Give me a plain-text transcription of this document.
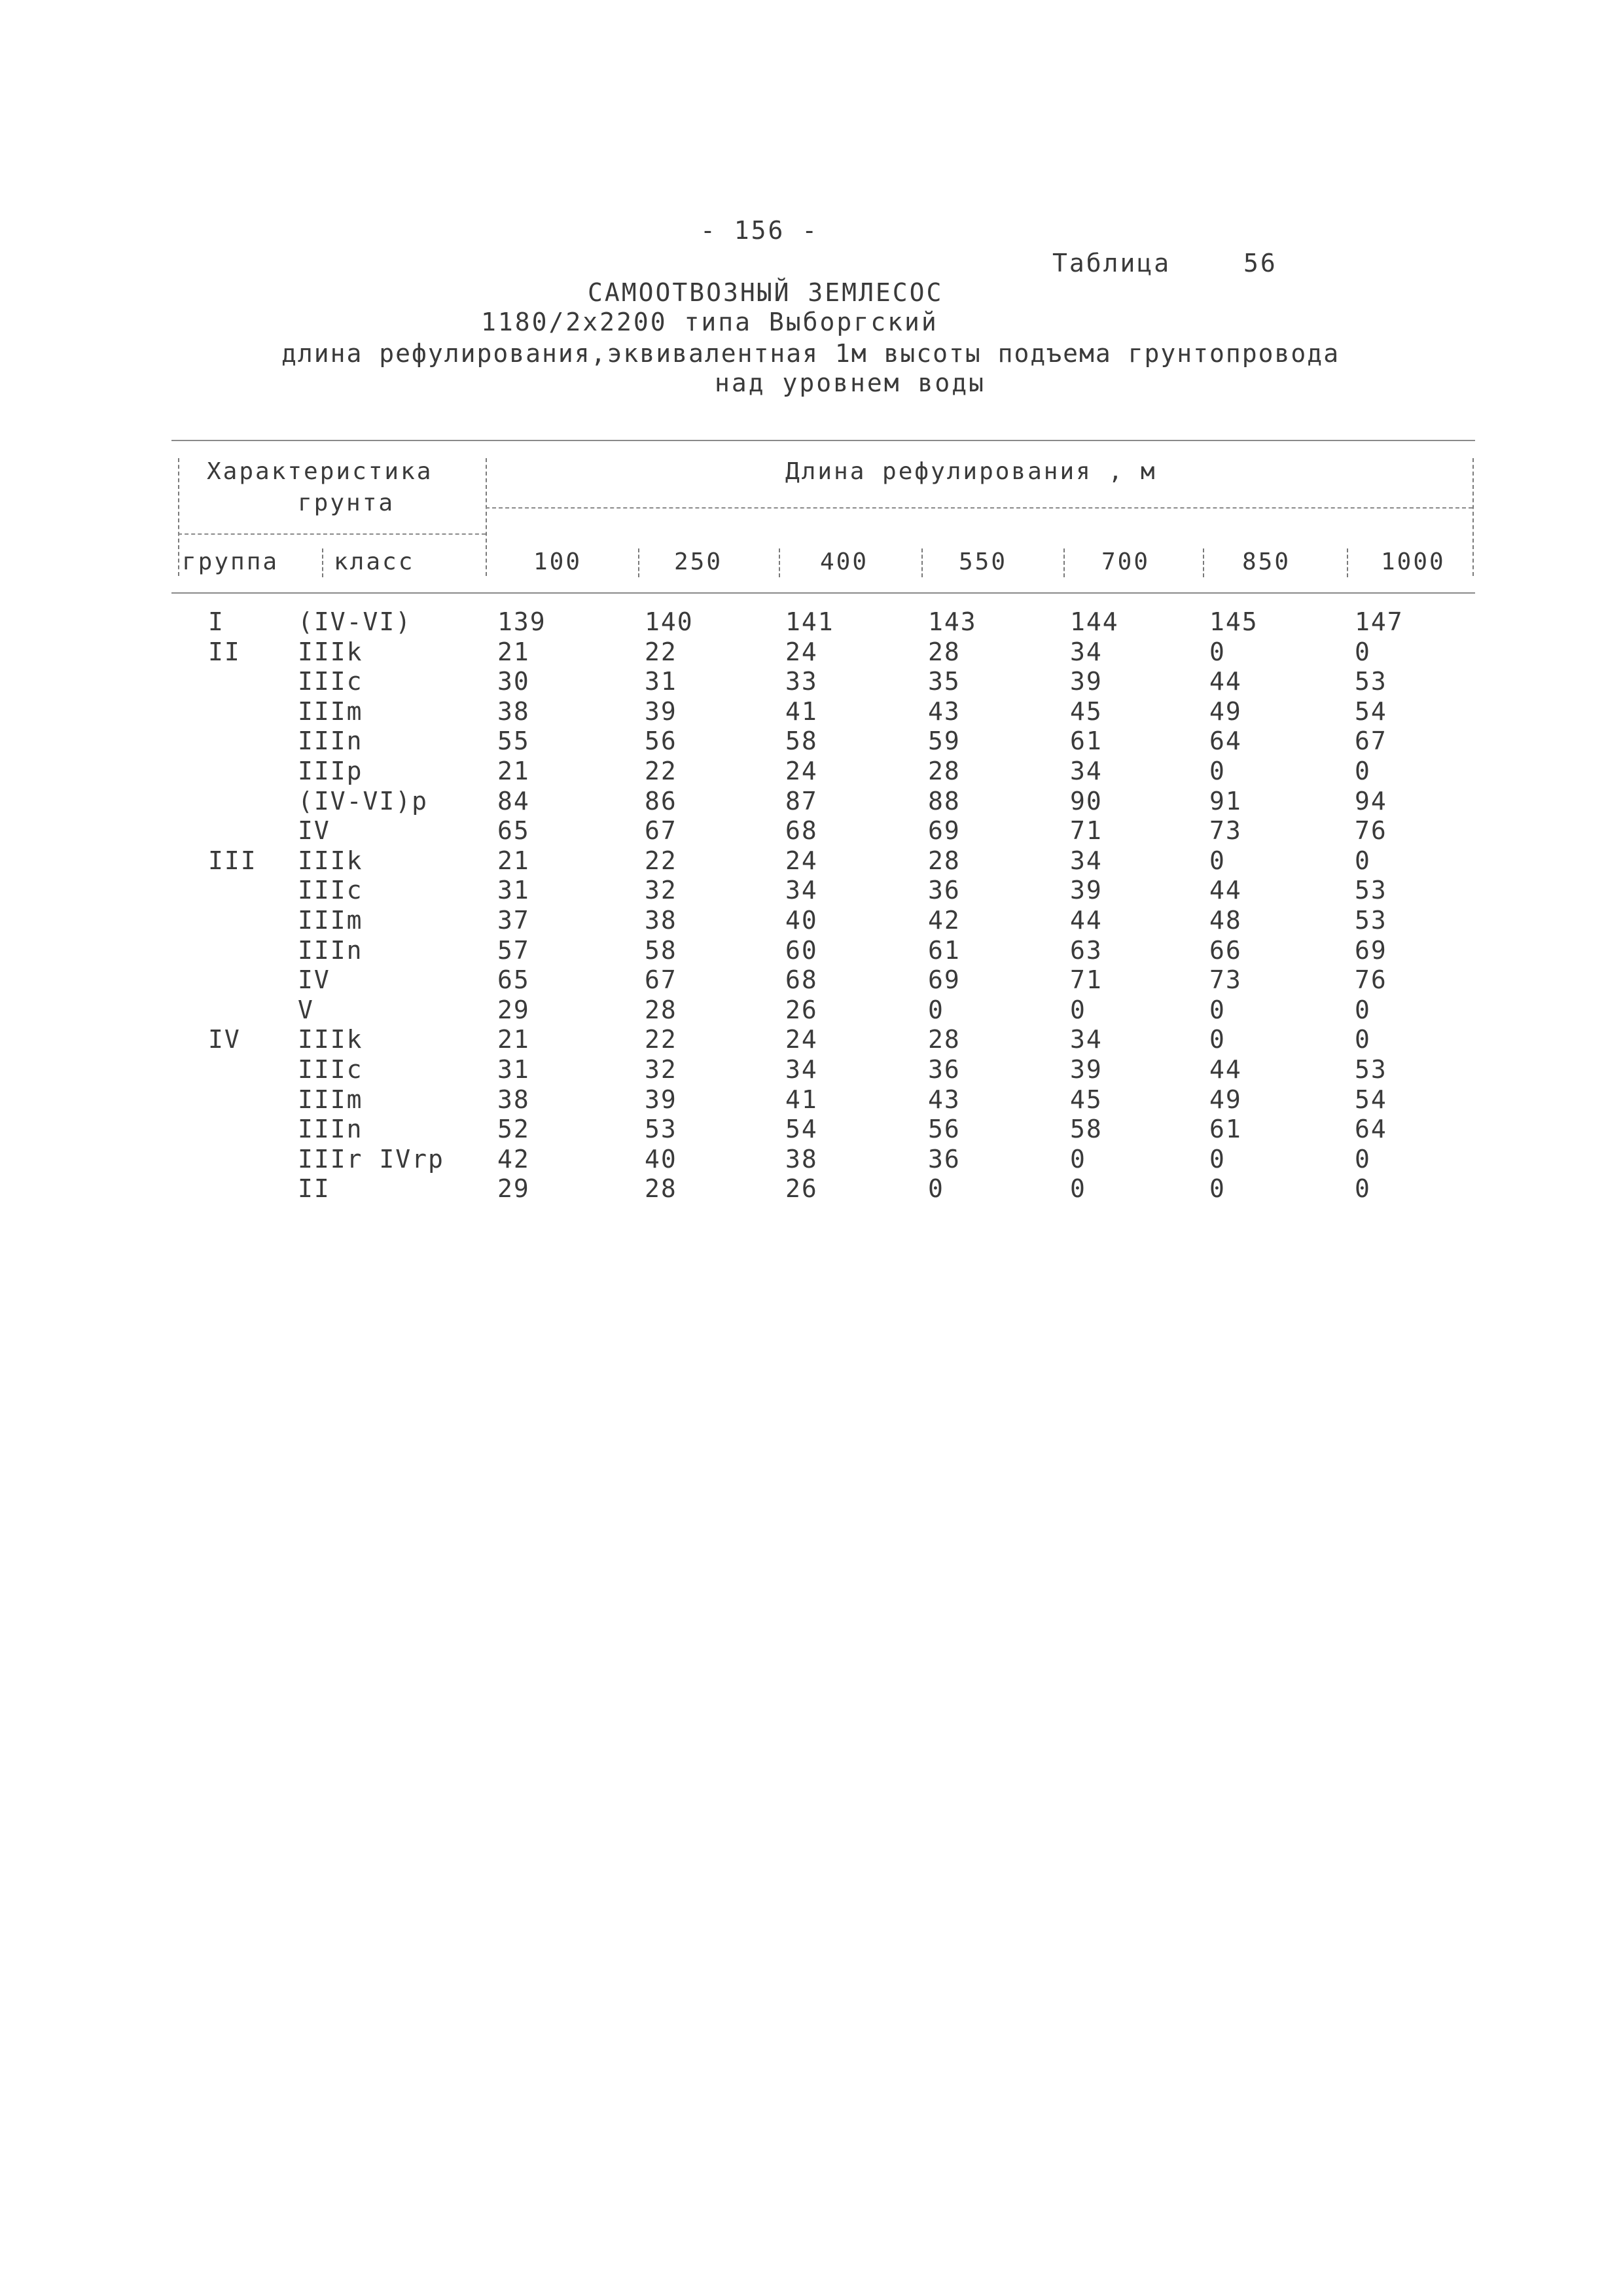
- 156 -
Таблица	56
САМООТВОЗНЫЙ ЗЕМЛЕСОС
1180/2x2200 типа Выборгский
длина рефулирования,эквивалентная 1м высоты подъема грунтопровода
над уровнем воды
Характеристика
грунта
Длина рефулирования , м
группа класс	100	250	400	550	700	850	1000
I	(IV-VI)	139	140	141	143	144	145	147
II IIIk	21	22	24	28	34	0	0
IIIc	30	31	33	35	39	44	53
IIIm	38	39	41	43	45	49	54
IIIn	55	56	58	59	61	64	67
IIIp	21	22	24	28	34	0	0
(IV-VI)p	84	86	87	88	90	91	94
IV	65	67	68	69	71	73	76
III IIIk	21	22	24	28	34	0	0
IIIc	31	32	34	36	39	44	53
IIIm	37	38	40	42	44	48	53
IIIn	57	58	60	61	63	66	69
IV	65	67	68	69	71	73	76
V	29	28	26	0	0	0	0
IV IIIk	21	22	24	28	34	0	0
IIIc	31	32	34	36	39	44	53
IIIm	38	39	41	43	45	49	54
IIIn	52	53	54	56	58	61	64
IIIr IVrp 42	40	38	36	0	0	0
II	29	28	26	0	0	0	0
